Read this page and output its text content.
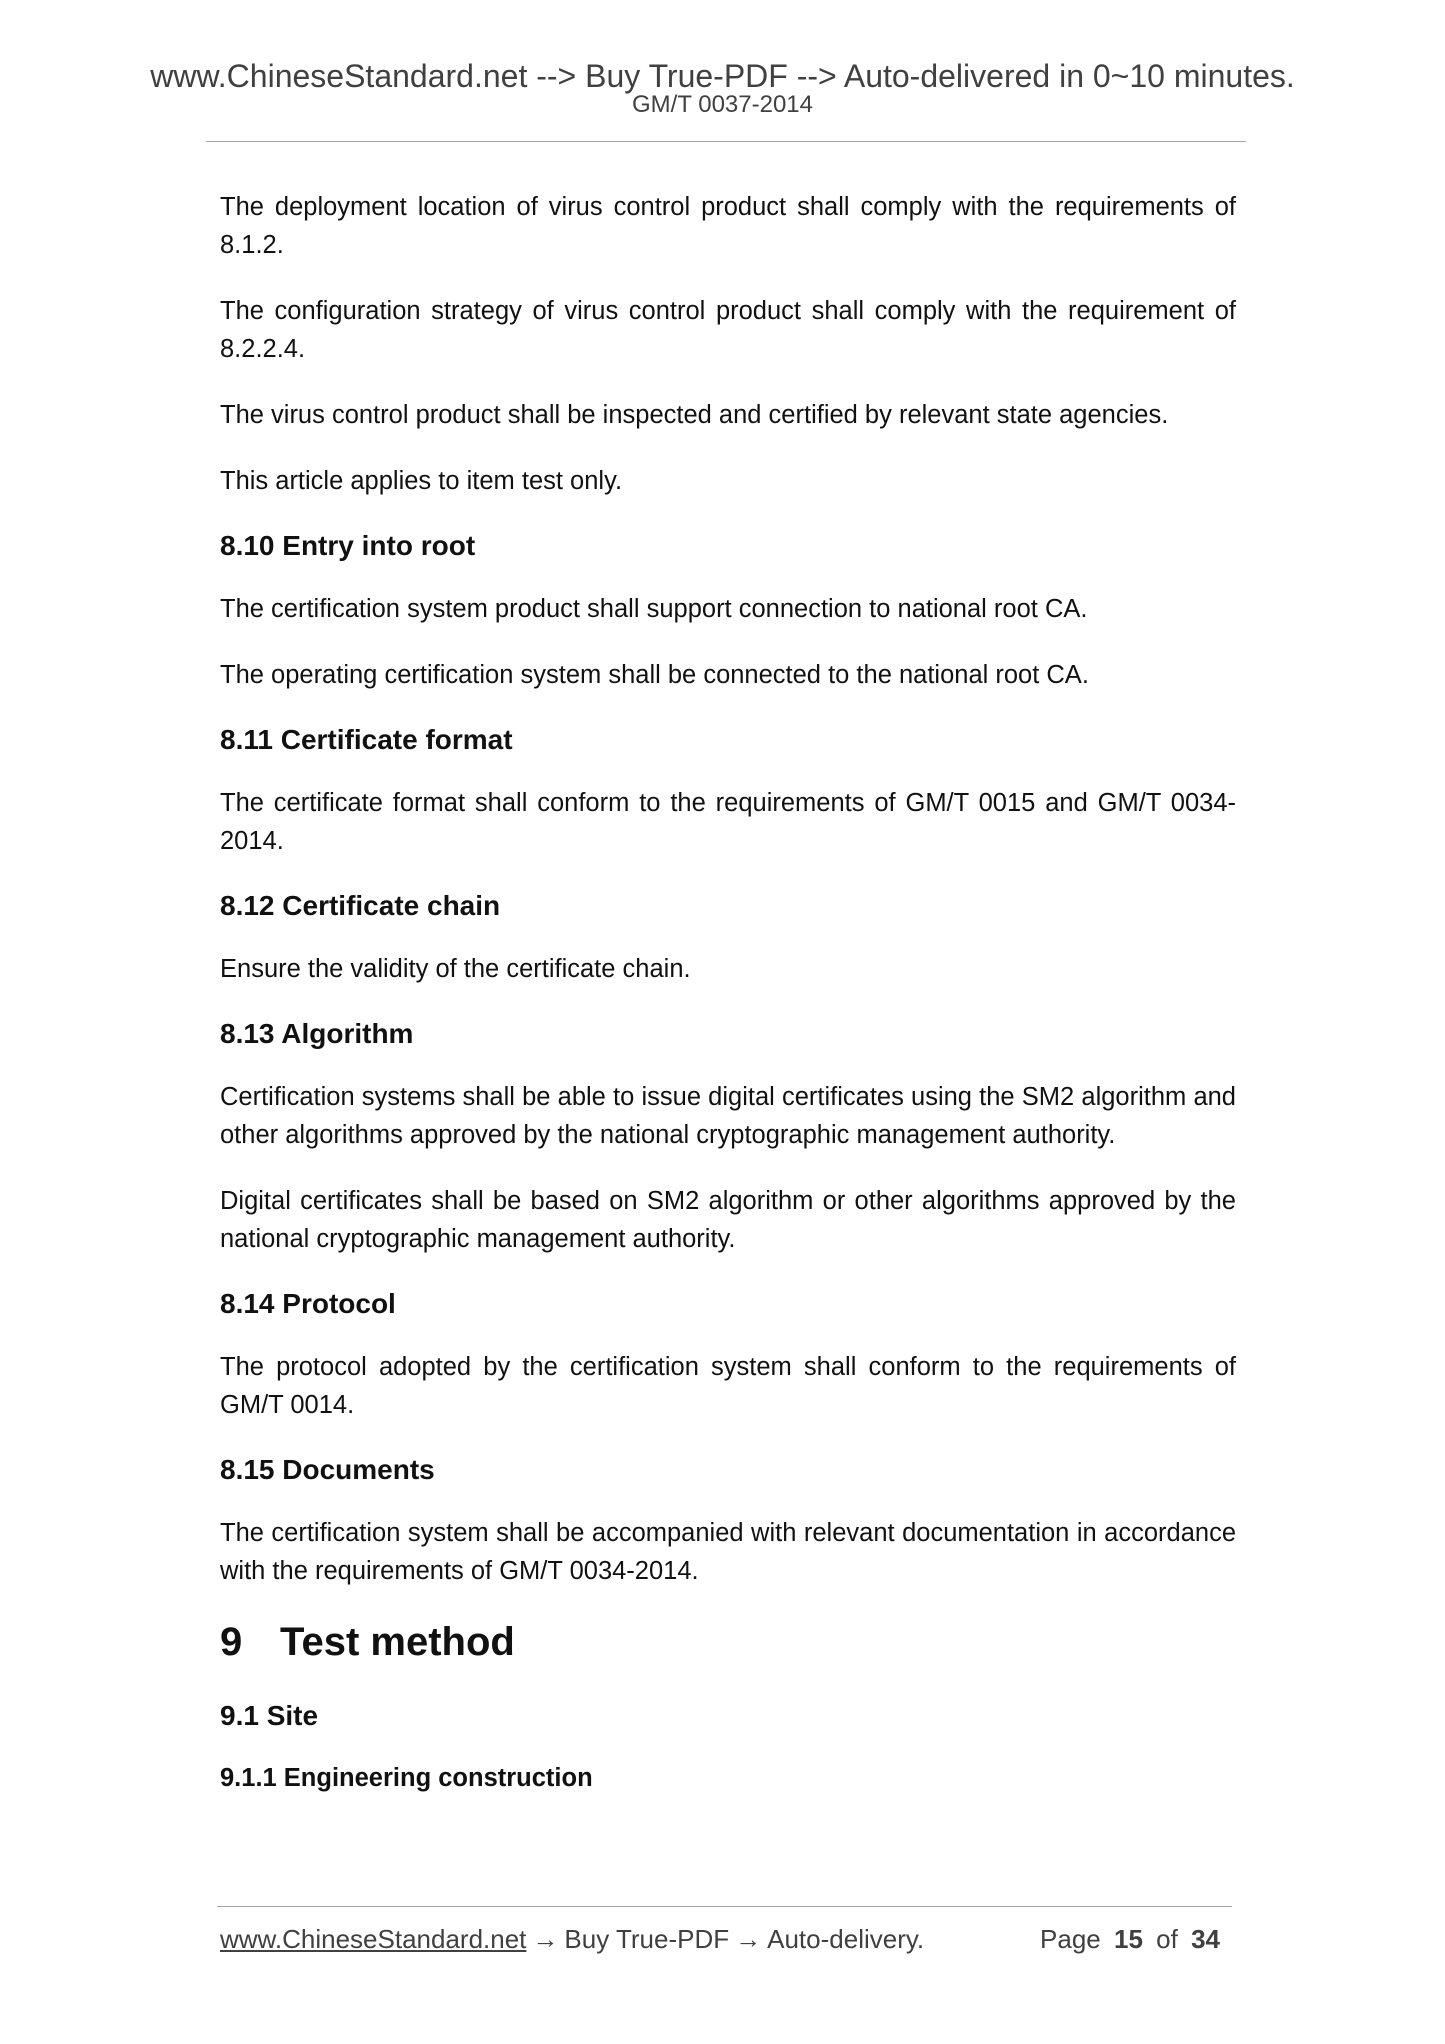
www.ChineseStandard.net --> Buy True-PDF --> Auto-delivered in 0~10 minutes.
GM/T 0037-2014

The deployment location of virus control product shall comply with the requirements of 8.1.2.

The configuration strategy of virus control product shall comply with the requirement of 8.2.2.4.

The virus control product shall be inspected and certified by relevant state agencies.

This article applies to item test only.

8.10 Entry into root

The certification system product shall support connection to national root CA.

The operating certification system shall be connected to the national root CA.

8.11 Certificate format

The certificate format shall conform to the requirements of GM/T 0015 and GM/T 0034-2014.

8.12 Certificate chain

Ensure the validity of the certificate chain.

8.13 Algorithm

Certification systems shall be able to issue digital certificates using the SM2 algorithm and other algorithms approved by the national cryptographic management authority.

Digital certificates shall be based on SM2 algorithm or other algorithms approved by the national cryptographic management authority.

8.14 Protocol

The protocol adopted by the certification system shall conform to the requirements of GM/T 0014.

8.15 Documents

The certification system shall be accompanied with relevant documentation in accordance with the requirements of GM/T 0034-2014.

9 Test method
9.1 Site
9.1.1 Engineering construction
www.ChineseStandard.net → Buy True-PDF → Auto-delivery.	Page 15 of 34
